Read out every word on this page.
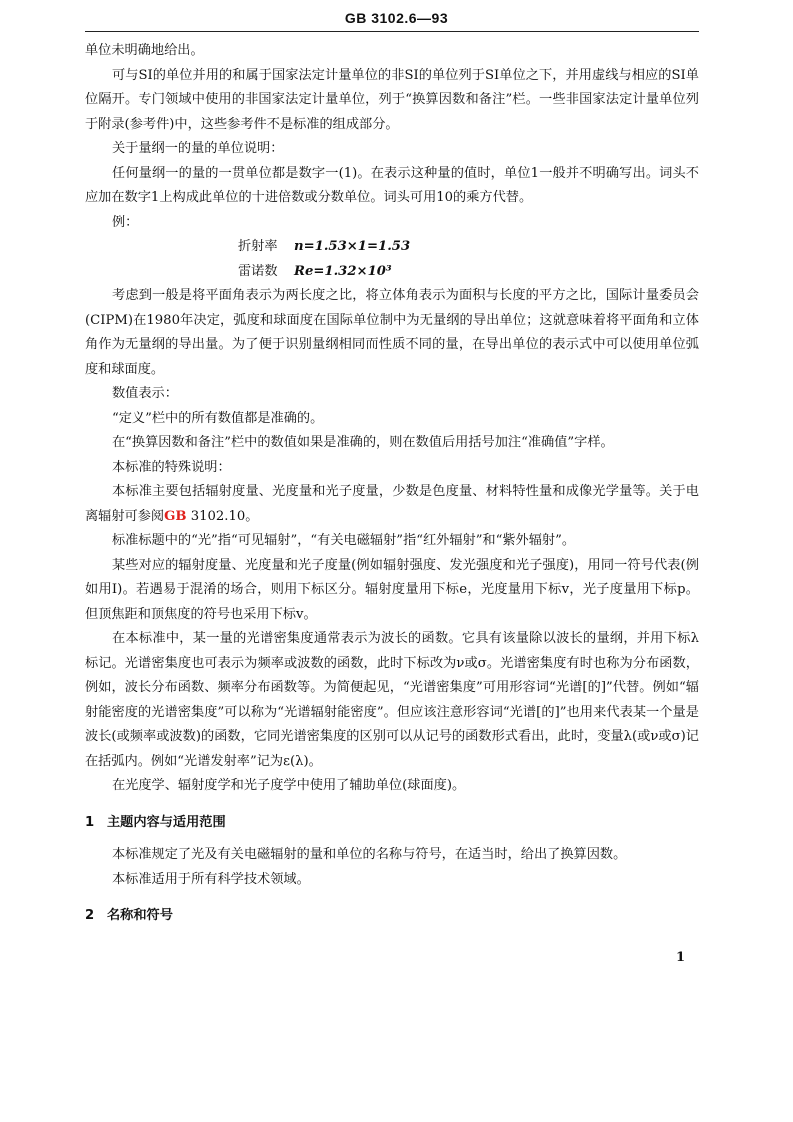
GB 3102.6—93

单位未明确地给出。

可与SI的单位并用的和属于国家法定计量单位的非SI的单位列于SI单位之下，并用虚线与相应的SI单位隔开。专门领域中使用的非国家法定计量单位，列于“换算因数和备注”栏。一些非国家法定计量单位列于附录(参考件)中，这些参考件不是标准的组成部分。

关于量纲一的量的单位说明：

任何量纲一的量的一贯单位都是数字一(1)。在表示这种量的值时，单位1一般并不明确写出。词头不应加在数字1上构成此单位的十进倍数或分数单位。词头可用10的乘方代替。

例：

折射率 n=1.53×1=1.53

雷诺数 Re=1.32×10³

考虑到一般是将平面角表示为两长度之比，将立体角表示为面积与长度的平方之比，国际计量委员会(CIPM)在1980年决定，弧度和球面度在国际单位制中为无量纲的导出单位；这就意味着将平面角和立体角作为无量纲的导出量。为了便于识别量纲相同而性质不同的量，在导出单位的表示式中可以使用单位弧度和球面度。

数值表示：

“定义”栏中的所有数值都是准确的。

在“换算因数和备注”栏中的数值如果是准确的，则在数值后用括号加注“准确值”字样。

本标准的特殊说明：

本标准主要包括辐射度量、光度量和光子度量，少数是色度量、材料特性量和成像光学量等。关于电离辐射可参阅GB 3102.10。

标准标题中的“光”指“可见辐射”，“有关电磁辐射”指“红外辐射”和“紫外辐射”。

某些对应的辐射度量、光度量和光子度量(例如辐射强度、发光强度和光子强度)，用同一符号代表(例如用I)。若遇易于混淆的场合，则用下标区分。辐射度量用下标e，光度量用下标v，光子度量用下标p。但顶焦距和顶焦度的符号也采用下标v。

在本标准中，某一量的光谱密集度通常表示为波长的函数。它具有该量除以波长的量纲，并用下标λ标记。光谱密集度也可表示为频率或波数的函数，此时下标改为ν或σ。光谱密集度有时也称为分布函数，例如，波长分布函数、频率分布函数等。为简便起见，“光谱密集度”可用形容词“光谱[的]”代替。例如“辐射能密度的光谱密集度”可以称为“光谱辐射能密度”。但应该注意形容词“光谱[的]”也用来代表某一个量是波长(或频率或波数)的函数，它同光谱密集度的区别可以从记号的函数形式看出，此时，变量λ(或ν或σ)记在括弧内。例如“光谱发射率”记为ε(λ)。

在光度学、辐射度学和光子度学中使用了辅助单位(球面度)。

1 主题内容与适用范围

本标准规定了光及有关电磁辐射的量和单位的名称与符号，在适当时，给出了换算因数。

本标准适用于所有科学技术领域。

2 名称和符号

1
